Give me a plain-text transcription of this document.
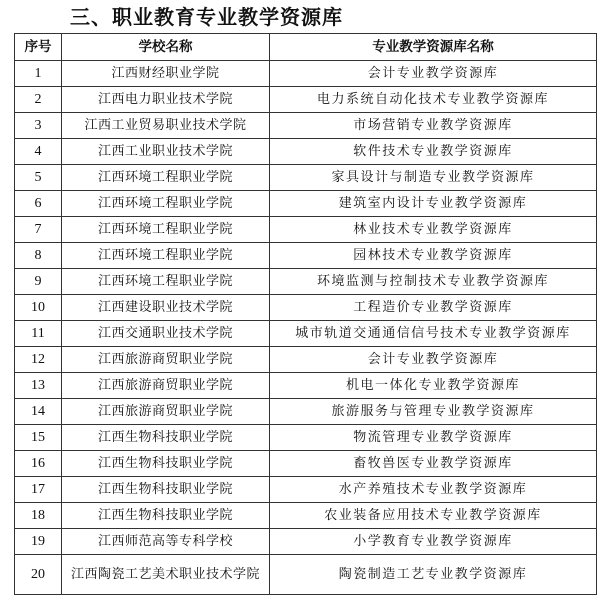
三、职业教育专业教学资源库
序号	学校名称	专业教学资源库名称
1	江西财经职业学院	会计专业教学资源库
2	江西电力职业技术学院	电力系统自动化技术专业教学资源库
3	江西工业贸易职业技术学院	市场营销专业教学资源库
4	江西工业职业技术学院	软件技术专业教学资源库
5	江西环境工程职业学院	家具设计与制造专业教学资源库
6	江西环境工程职业学院	建筑室内设计专业教学资源库
7	江西环境工程职业学院	林业技术专业教学资源库
8	江西环境工程职业学院	园林技术专业教学资源库
9	江西环境工程职业学院	环境监测与控制技术专业教学资源库
10	江西建设职业技术学院	工程造价专业教学资源库
11	江西交通职业技术学院	城市轨道交通通信信号技术专业教学资源库
12	江西旅游商贸职业学院	会计专业教学资源库
13	江西旅游商贸职业学院	机电一体化专业教学资源库
14	江西旅游商贸职业学院	旅游服务与管理专业教学资源库
15	江西生物科技职业学院	物流管理专业教学资源库
16	江西生物科技职业学院	畜牧兽医专业教学资源库
17	江西生物科技职业学院	水产养殖技术专业教学资源库
18	江西生物科技职业学院	农业装备应用技术专业教学资源库
19	江西师范高等专科学校	小学教育专业教学资源库
20	江西陶瓷工艺美术职业技术学院	陶瓷制造工艺专业教学资源库
